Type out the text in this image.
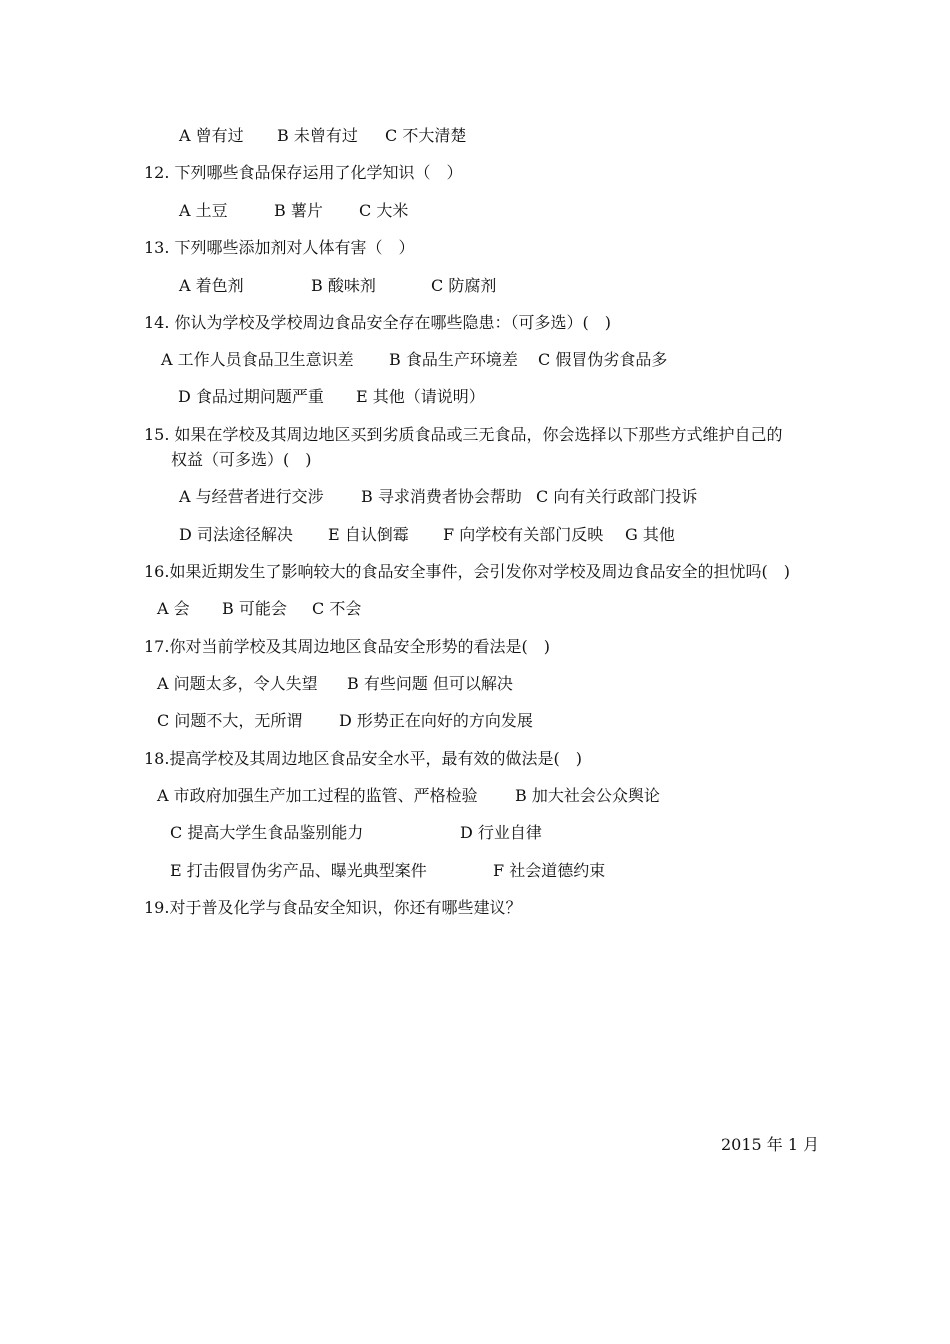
A 曾有过 B 未曾有过 C 不大清楚
12. 下列哪些食品保存运用了化学知识（　）
A 土豆	B 薯片 C 大米
13. 下列哪些添加剂对人体有害（　）
A 着色剂	B 酸味剂	C 防腐剂
14. 你认为学校及学校周边食品安全存在哪些隐患：（可多选）(　)
A 工作人员食品卫生意识差 B 食品生产环境差 C 假冒伪劣食品多
D 食品过期问题严重 E 其他（请说明）
15. 如果在学校及其周边地区买到劣质食品或三无食品，你会选择以下那些方式维护自己的
权益（可多选）(　)
A 与经营者进行交涉 B 寻求消费者协会帮助 C 向有关行政部门投诉
D 司法途径解决 E 自认倒霉 F 向学校有关部门反映 G 其他
16.如果近期发生了影响较大的食品安全事件，会引发你对学校及周边食品安全的担忧吗(　)
A 会 B 可能会 C 不会
17.你对当前学校及其周边地区食品安全形势的看法是(　)
A 问题太多，令人失望 B 有些问题 但可以解决
C 问题不大，无所谓 D 形势正在向好的方向发展
18.提高学校及其周边地区食品安全水平，最有效的做法是(　)
A 市政府加强生产加工过程的监管、严格检验 B 加大社会公众舆论
C 提高大学生食品鉴别能力	D 行业自律
E 打击假冒伪劣产品、曝光典型案件	F 社会道德约束
19.对于普及化学与食品安全知识，你还有哪些建议？
2015 年 1 月
